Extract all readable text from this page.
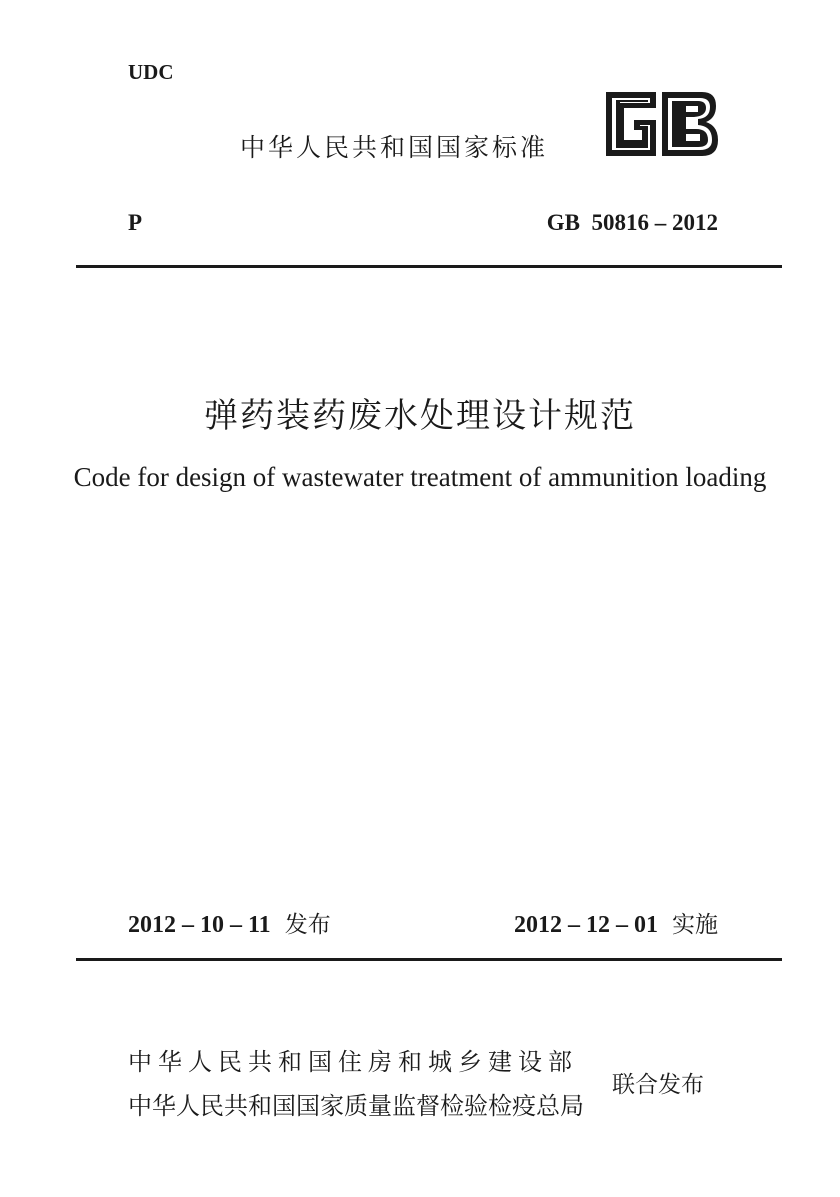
UDC
中华人民共和国国家标准
P	GB  50816 – 2012
弹药装药废水处理设计规范
Code for design of wastewater treatment of ammunition loading
2012 – 10 – 11 发布	2012 – 12 – 01 实施
中华人民共和国住房和城乡建设部
中华人民共和国国家质量监督检验检疫总局
联合发布
